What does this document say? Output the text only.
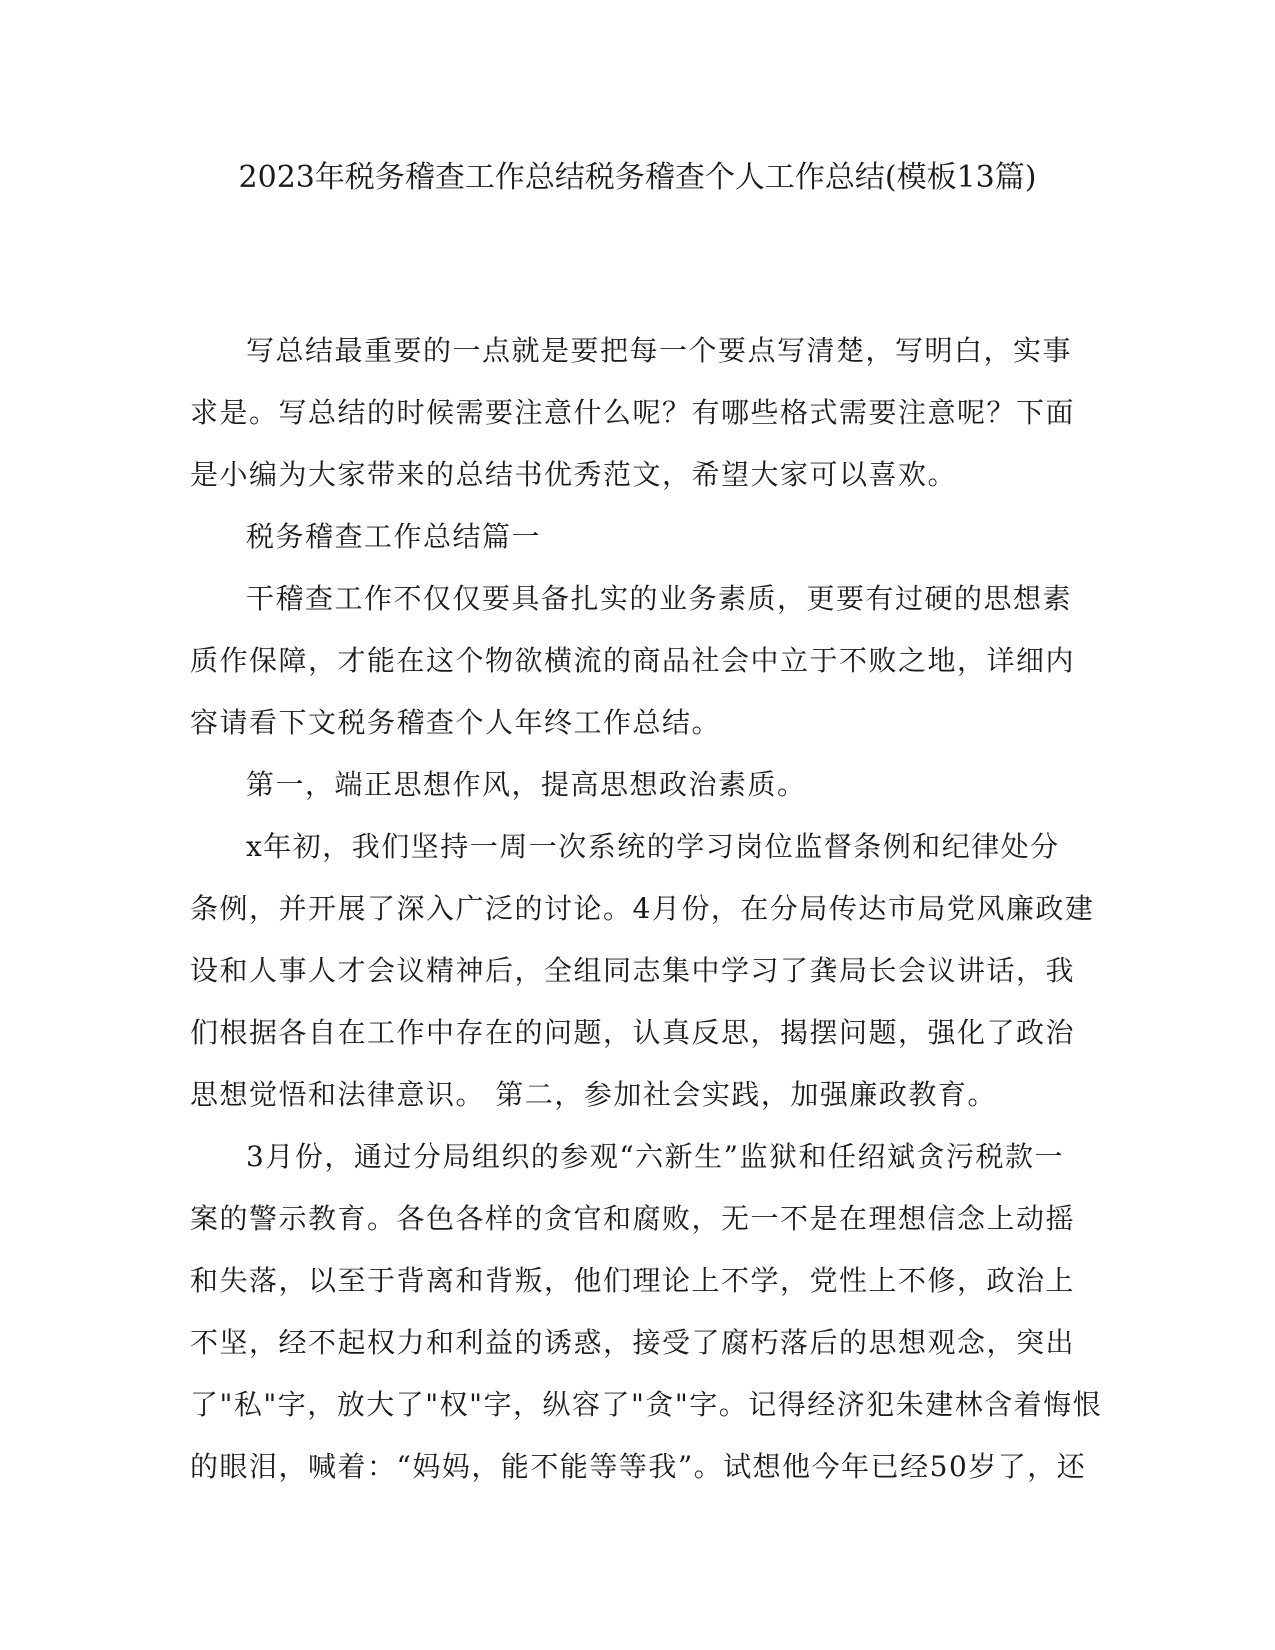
2023年税务稽查工作总结税务稽查个人工作总结(模板13篇)

写总结最重要的一点就是要把每一个要点写清楚，写明白，实事
求是。写总结的时候需要注意什么呢？有哪些格式需要注意呢？下面
是小编为大家带来的总结书优秀范文，希望大家可以喜欢。

税务稽查工作总结篇一

干稽查工作不仅仅要具备扎实的业务素质，更要有过硬的思想素
质作保障，才能在这个物欲横流的商品社会中立于不败之地，详细内
容请看下文税务稽查个人年终工作总结。

第一，端正思想作风，提高思想政治素质。

x年初，我们坚持一周一次系统的学习岗位监督条例和纪律处分
条例，并开展了深入广泛的讨论。4月份，在分局传达市局党风廉政建
设和人事人才会议精神后，全组同志集中学习了龚局长会议讲话，我
们根据各自在工作中存在的问题，认真反思，揭摆问题，强化了政治
思想觉悟和法律意识。 第二，参加社会实践，加强廉政教育。

3月份，通过分局组织的参观“六新生”监狱和任绍斌贪污税款一
案的警示教育。各色各样的贪官和腐败，无一不是在理想信念上动摇
和失落，以至于背离和背叛，他们理论上不学，党性上不修，政治上
不坚，经不起权力和利益的诱惑，接受了腐朽落后的思想观念，突出
了"私"字，放大了"权"字，纵容了"贪"字。记得经济犯朱建林含着悔恨
的眼泪，喊着：“妈妈，能不能等等我”。试想他今年已经50岁了，还
